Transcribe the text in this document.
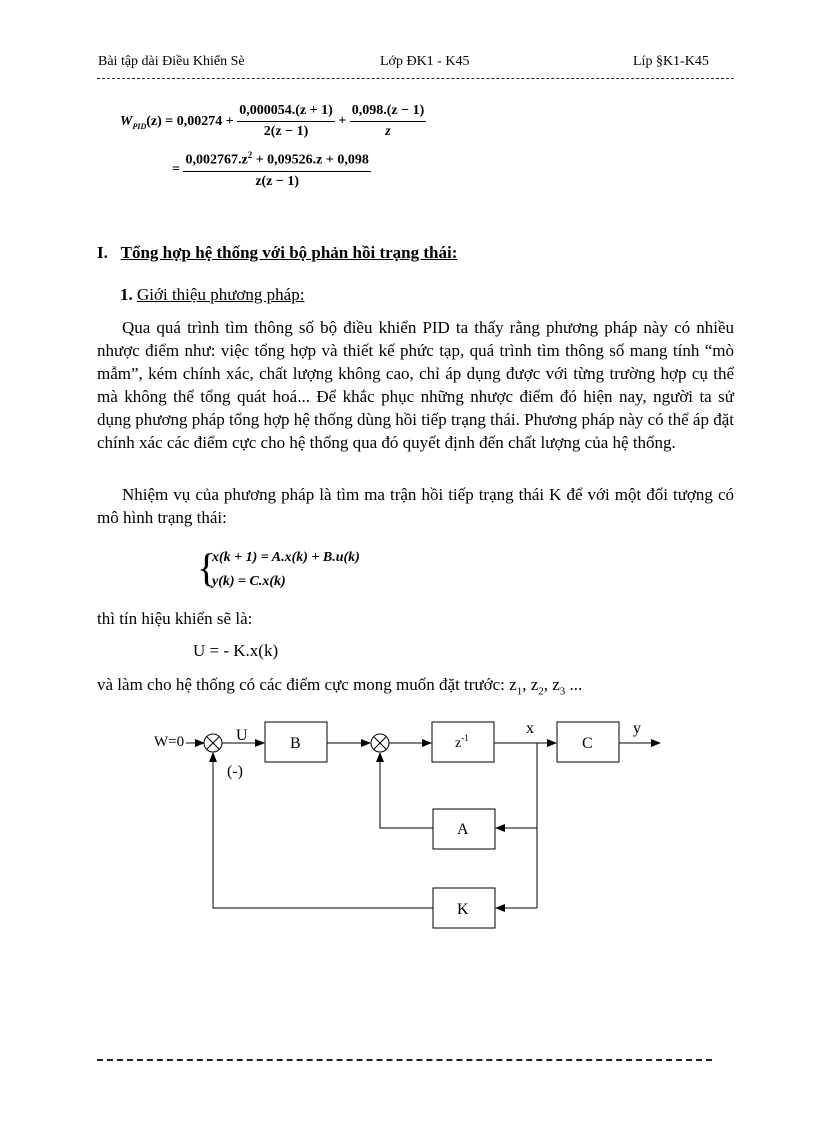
Bài tập dài Điều Khiển Sè	Lớp ĐK1 - K45	Líp §K1-K45
$W_{PID}(z) = 0,00274 + \frac{0,000054.(z + 1)}{2(z - 1)} + \frac{0,098.(z - 1)}{z}$
= $\frac{0,002767.z^2 + 0,09526.z + 0,098}{z(z - 1)}$
I. Tổng hợp hệ thống với bộ phản hồi trạng thái:
1. Giới thiệu phương pháp:

Qua quá trình tìm thông số bộ điều khiển PID ta thấy rằng phương pháp này có nhiều nhược điểm như: việc tổng hợp và thiết kế phức tạp, quá trình tìm thông số mang tính “mò mẫm”, kém chính xác, chất lượng không cao, chỉ áp dụng được với từng trường hợp cụ thể mà không thể tổng quát hoá... Để khắc phục những nhược điểm đó hiện nay, người ta sử dụng phương pháp tổng hợp hệ thống dùng hồi tiếp trạng thái. Phương pháp này có thể áp đặt chính xác các điểm cực cho hệ thống qua đó quyết định đến chất lượng của hệ thống.

Nhiệm vụ của phương pháp là tìm ma trận hồi tiếp trạng thái K để với một đối tượng có mô hình trạng thái:

{
x(k + 1) = A.x(k) + B.u(k)
y(k) = C.x(k)
thì tín hiệu khiển sẽ là:
U = - K.x(k)
và làm cho hệ thống có các điểm cực mong muốn đặt trước: $z_1$, $z_2$, $z_3$ ...
W=0	U
(-)
B	$z^{-1}$
x
C
y
A
K
